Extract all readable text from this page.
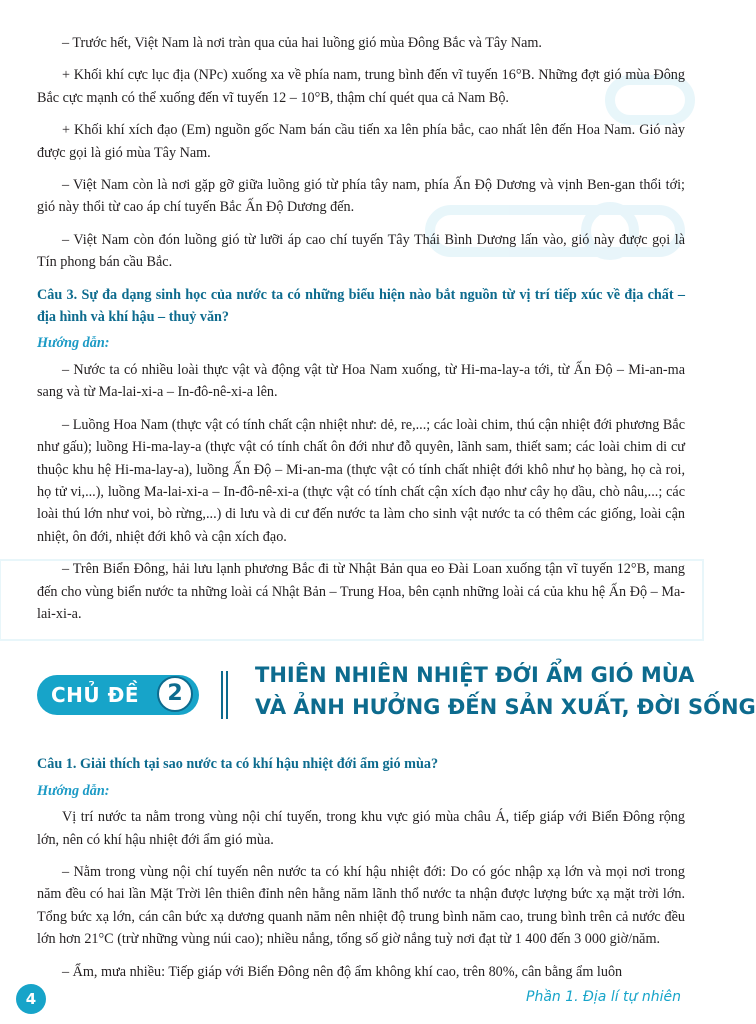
– Trước hết, Việt Nam là nơi tràn qua của hai luồng gió mùa Đông Bắc và Tây Nam.

+ Khối khí cực lục địa (NPc) xuống xa về phía nam, trung bình đến vĩ tuyến 16°B. Những đợt gió mùa Đông Bắc cực mạnh có thể xuống đến vĩ tuyến 12 – 10°B, thậm chí quét qua cả Nam Bộ.

+ Khối khí xích đạo (Em) nguồn gốc Nam bán cầu tiến xa lên phía bắc, cao nhất lên đến Hoa Nam. Gió này được gọi là gió mùa Tây Nam.

– Việt Nam còn là nơi gặp gỡ giữa luồng gió từ phía tây nam, phía Ấn Độ Dương và vịnh Ben-gan thổi tới; gió này thổi từ cao áp chí tuyến Bắc Ấn Độ Dương đến.

– Việt Nam còn đón luồng gió từ lưỡi áp cao chí tuyến Tây Thái Bình Dương lấn vào, gió này được gọi là Tín phong bán cầu Bắc.

Câu 3. Sự đa dạng sinh học của nước ta có những biểu hiện nào bắt nguồn từ vị trí tiếp xúc về địa chất – địa hình và khí hậu – thuỷ văn?

Hướng dẫn:

– Nước ta có nhiều loài thực vật và động vật từ Hoa Nam xuống, từ Hi-ma-lay-a tới, từ Ấn Độ – Mi-an-ma sang và từ Ma-lai-xi-a – In-đô-nê-xi-a lên.

– Luồng Hoa Nam (thực vật có tính chất cận nhiệt như: dẻ, re,...; các loài chim, thú cận nhiệt đới phương Bắc như gấu); luồng Hi-ma-lay-a (thực vật có tính chất ôn đới như đỗ quyên, lãnh sam, thiết sam; các loài chim di cư thuộc khu hệ Hi-ma-lay-a), luồng Ấn Độ – Mi-an-ma (thực vật có tính chất nhiệt đới khô như họ bàng, họ cà roi, họ tử vi,...), luồng Ma-lai-xi-a – In-đô-nê-xi-a (thực vật có tính chất cận xích đạo như cây họ dầu, chò nâu,...; các loài thú lớn như voi, bò rừng,...) di lưu và di cư đến nước ta làm cho sinh vật nước ta có thêm các giống, loài cận nhiệt, ôn đới, nhiệt đới khô và cận xích đạo.

– Trên Biển Đông, hải lưu lạnh phương Bắc đi từ Nhật Bản qua eo Đài Loan xuống tận vĩ tuyến 12°B, mang đến cho vùng biển nước ta những loài cá Nhật Bản – Trung Hoa, bên cạnh những loài cá của khu hệ Ấn Độ – Ma-lai-xi-a.

CHỦ ĐỀ	2
THIÊN NHIÊN NHIỆT ĐỚI ẨM GIÓ MÙA
VÀ ẢNH HƯỞNG ĐẾN SẢN XUẤT, ĐỜI SỐNG

Câu 1. Giải thích tại sao nước ta có khí hậu nhiệt đới ẩm gió mùa?

Hướng dẫn:

Vị trí nước ta nằm trong vùng nội chí tuyến, trong khu vực gió mùa châu Á, tiếp giáp với Biển Đông rộng lớn, nên có khí hậu nhiệt đới ẩm gió mùa.

– Nằm trong vùng nội chí tuyến nên nước ta có khí hậu nhiệt đới: Do có góc nhập xạ lớn và mọi nơi trong năm đều có hai lần Mặt Trời lên thiên đỉnh nên hằng năm lãnh thổ nước ta nhận được lượng bức xạ mặt trời lớn. Tổng bức xạ lớn, cán cân bức xạ dương quanh năm nên nhiệt độ trung bình năm cao, trung bình trên cả nước đều lớn hơn 21°C (trừ những vùng núi cao); nhiều nắng, tổng số giờ nắng tuỳ nơi đạt từ 1 400 đến 3 000 giờ/năm.

– Ẩm, mưa nhiều: Tiếp giáp với Biển Đông nên độ ẩm không khí cao, trên 80%, cân bằng ẩm luôn

4	Phần 1. Địa lí tự nhiên
